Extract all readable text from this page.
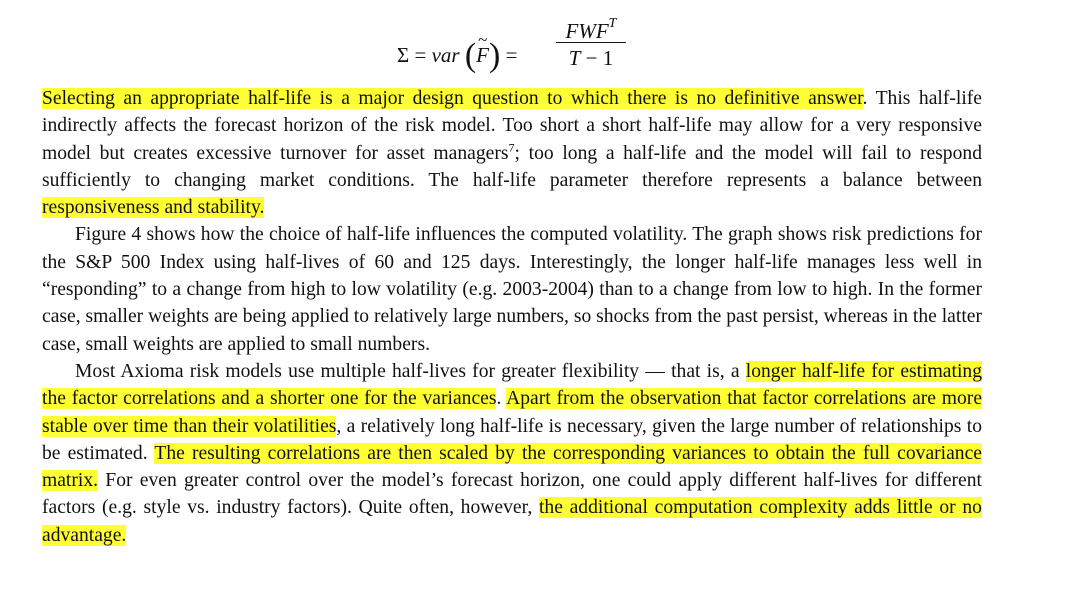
Σ = var (~ F) =
$FWF^T$
T − 1

Selecting an appropriate half-life is a major design question to which there is no definitive answer. This half-life indirectly affects the forecast horizon of the risk model. Too short a short half-life may allow for a very responsive model but creates excessive turnover for asset managers$^7$; too long a half-life and the model will fail to respond sufficiently to changing market conditions. The half-life parameter therefore represents a balance between responsiveness and stability.

Figure 4 shows how the choice of half-life influences the computed volatility. The graph shows risk predictions for the S&P 500 Index using half-lives of 60 and 125 days. Interestingly, the longer half-life manages less well in “responding” to a change from high to low volatility (e.g. 2003-2004) than to a change from low to high. In the former case, smaller weights are being applied to relatively large numbers, so shocks from the past persist, whereas in the latter case, small weights are applied to small numbers.

Most Axioma risk models use multiple half-lives for greater flexibility — that is, a longer half-life for estimating the factor correlations and a shorter one for the variances. Apart from the observation that factor correlations are more stable over time than their volatilities, a relatively long half-life is necessary, given the large number of relationships to be estimated. The resulting correlations are then scaled by the corresponding variances to obtain the full covariance matrix. For even greater control over the model’s forecast horizon, one could apply different half-lives for different factors (e.g. style vs. industry factors). Quite often, however, the additional computation complexity adds little or no advantage.
